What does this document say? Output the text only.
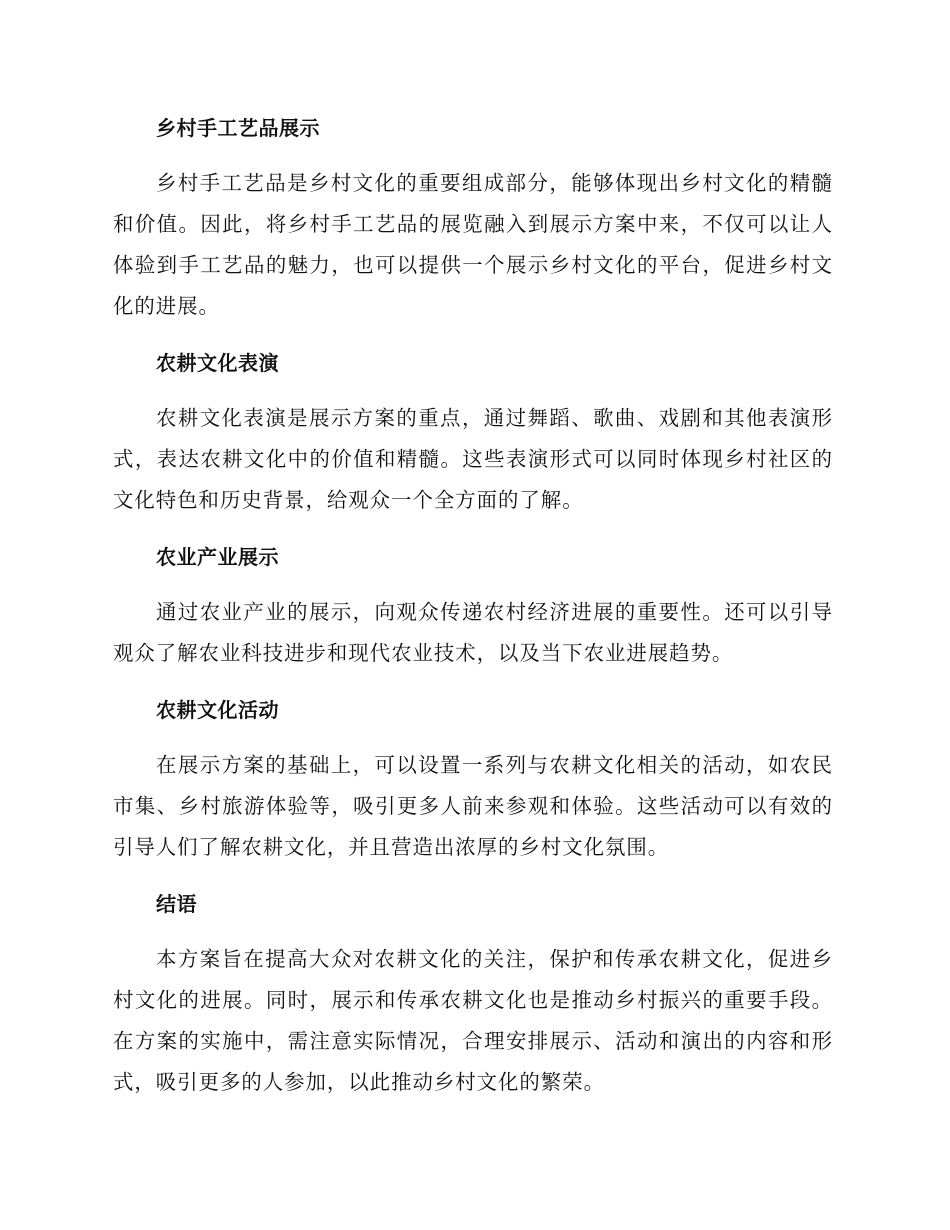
乡村手工艺品展示

乡村手工艺品是乡村文化的重要组成部分，能够体现出乡村文化的精髓和价值。因此，将乡村手工艺品的展览融入到展示方案中来，不仅可以让人体验到手工艺品的魅力，也可以提供一个展示乡村文化的平台，促进乡村文化的进展。

农耕文化表演

农耕文化表演是展示方案的重点，通过舞蹈、歌曲、戏剧和其他表演形式，表达农耕文化中的价值和精髓。这些表演形式可以同时体现乡村社区的文化特色和历史背景，给观众一个全方面的了解。

农业产业展示

通过农业产业的展示，向观众传递农村经济进展的重要性。还可以引导观众了解农业科技进步和现代农业技术，以及当下农业进展趋势。

农耕文化活动

在展示方案的基础上，可以设置一系列与农耕文化相关的活动，如农民市集、乡村旅游体验等，吸引更多人前来参观和体验。这些活动可以有效的引导人们了解农耕文化，并且营造出浓厚的乡村文化氛围。

结语

本方案旨在提高大众对农耕文化的关注，保护和传承农耕文化，促进乡村文化的进展。同时，展示和传承农耕文化也是推动乡村振兴的重要手段。在方案的实施中，需注意实际情况，合理安排展示、活动和演出的内容和形式，吸引更多的人参加，以此推动乡村文化的繁荣。
